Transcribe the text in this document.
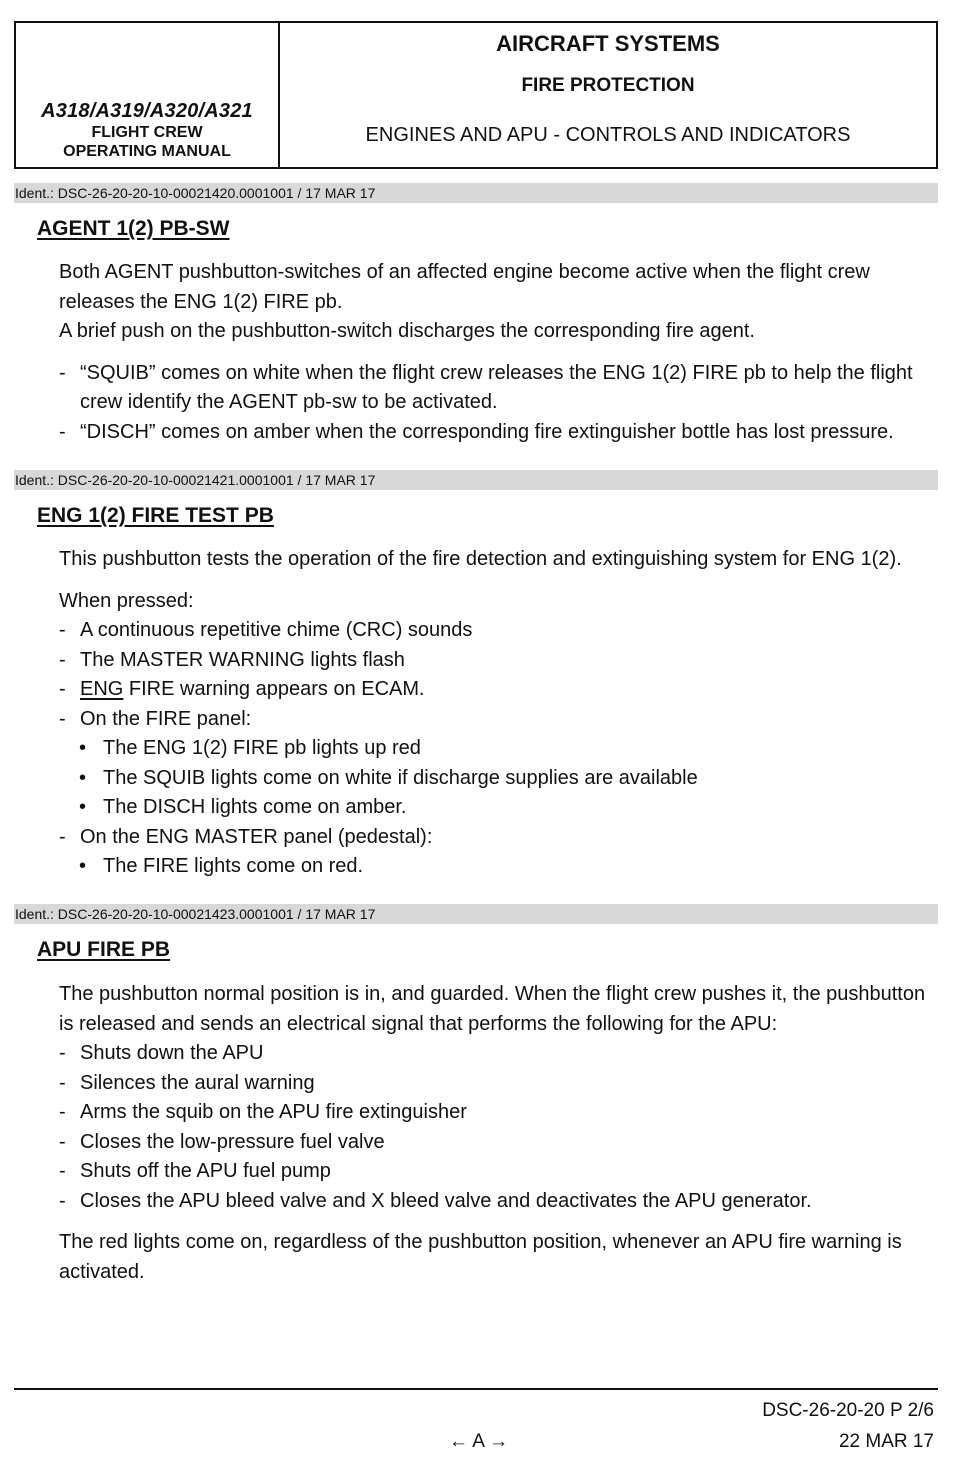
A318/A319/A320/A321
FLIGHT CREW
OPERATING MANUAL
AIRCRAFT SYSTEMS
FIRE PROTECTION
ENGINES AND APU - CONTROLS AND INDICATORS
Ident.: DSC-26-20-20-10-00021420.0001001 / 17 MAR 17
AGENT 1(2) PB-SW

Both AGENT pushbutton-switches of an affected engine become active when the flight crew releases the ENG 1(2) FIRE pb.

A brief push on the pushbutton-switch discharges the corresponding fire agent.

- “SQUIB” comes on white when the flight crew releases the ENG 1(2) FIRE pb to help the flight crew identify the AGENT pb-sw to be activated.
- “DISCH” comes on amber when the corresponding fire extinguisher bottle has lost pressure.
Ident.: DSC-26-20-20-10-00021421.0001001 / 17 MAR 17
ENG 1(2) FIRE TEST PB

This pushbutton tests the operation of the fire detection and extinguishing system for ENG 1(2).

When pressed:

- A continuous repetitive chime (CRC) sounds
- The MASTER WARNING lights flash
- ENG FIRE warning appears on ECAM.
- On the FIRE panel:
• The ENG 1(2) FIRE pb lights up red
• The SQUIB lights come on white if discharge supplies are available
• The DISCH lights come on amber.
- On the ENG MASTER panel (pedestal):
• The FIRE lights come on red.
Ident.: DSC-26-20-20-10-00021423.0001001 / 17 MAR 17
APU FIRE PB

The pushbutton normal position is in, and guarded. When the flight crew pushes it, the pushbutton is released and sends an electrical signal that performs the following for the APU:

- Shuts down the APU
- Silences the aural warning
- Arms the squib on the APU fire extinguisher
- Closes the low-pressure fuel valve
- Shuts off the APU fuel pump
- Closes the APU bleed valve and X bleed valve and deactivates the APU generator.

The red lights come on, regardless of the pushbutton position, whenever an APU fire warning is activated.

DSC-26-20-20 P 2/6
← A →	22 MAR 17
